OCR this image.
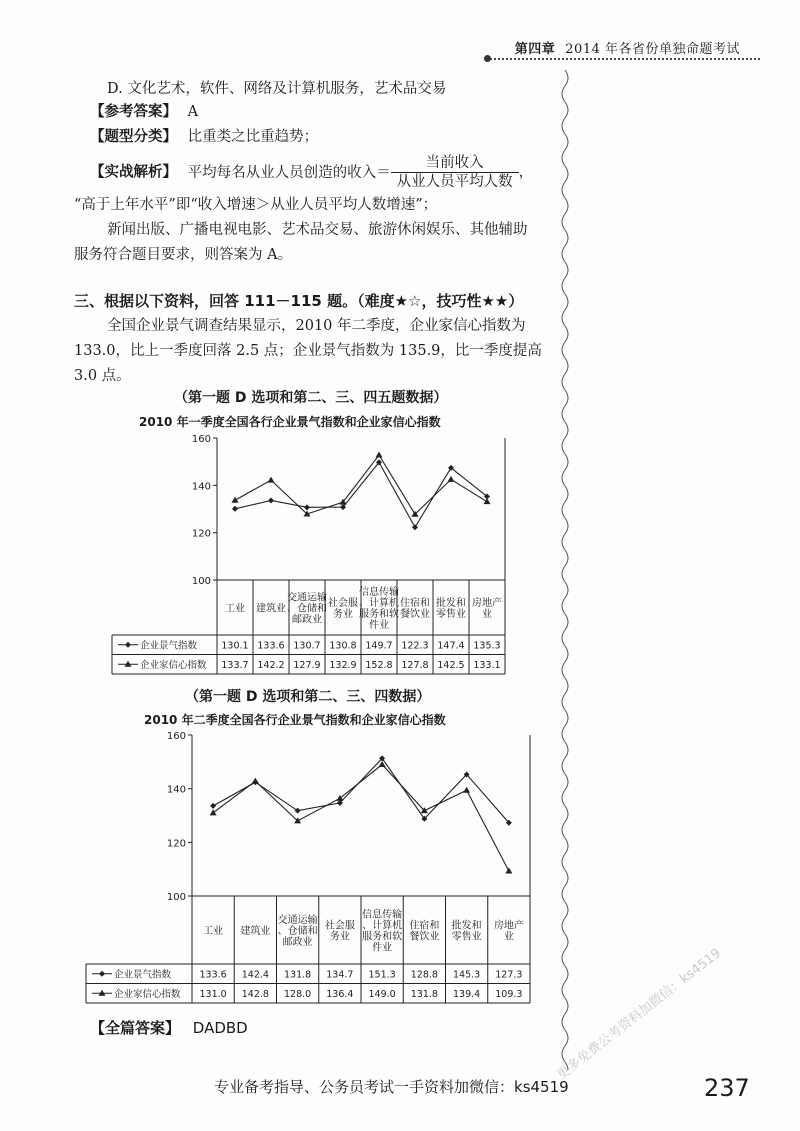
第四章 2014 年各省份单独命题考试
D. 文化艺术，软件、网络及计算机服务，艺术品交易
【参考答案】 A
【题型分类】 比重类之比重趋势；
【实战解析】 平均每名从业人员创造的收入＝ $\frac{\text{当前收入}}{\text{从业人员平均人数}}$ ，
“高于上年水平”即“收入增速＞从业人员平均人数增速”；
新闻出版、广播电视电影、艺术品交易、旅游休闲娱乐、其他辅助
服务符合题目要求，则答案为 A。
三、根据以下资料，回答 111－115 题。（难度★☆，技巧性★★）
全国企业景气调查结果显示，2010 年二季度，企业家信心指数为
133.0，比上一季度回落 2.5 点；企业景气指数为 135.9，比一季度提高
3.0 点。
（第一题 D 选项和第二、三、四五题数据）
2010 年一季度全国各行企业景气指数和企业家信心指数
160
140
120
100
工业 建筑业
交通运输、仓储和邮政业
社会服务业
信息传输、计算机服务和软件业
住宿和餐饮业
批发和零售业
房地产业
企业景气指数	130.1 133.6 130.7 130.8 149.7 122.3 147.4 135.3
企业家信心指数 133.7 142.2 127.9 132.9 152.8 127.8 142.5 133.1
（第一题 D 选项和第二、三、四数据）
2010 年二季度全国各行企业景气指数和企业家信心指数
160
140
120
100
工业 建筑业
交通运输、仓储和邮政业
社会服务业
信息传输、计算机服务和软件业
住宿和餐饮业
批发和零售业
房地产业
企业景气指数	133.6 142.4 131.8 134.7 151.3 128.8 145.3 127.3
企业家信心指数 131.0 142.8 128.0 136.4 149.0 131.8 139.4 109.3
【全篇答案】 DADBD	更多免费公考资料加微信：ks4519
专业备考指导、公务员考试一手资料加微信：ks4519	237
